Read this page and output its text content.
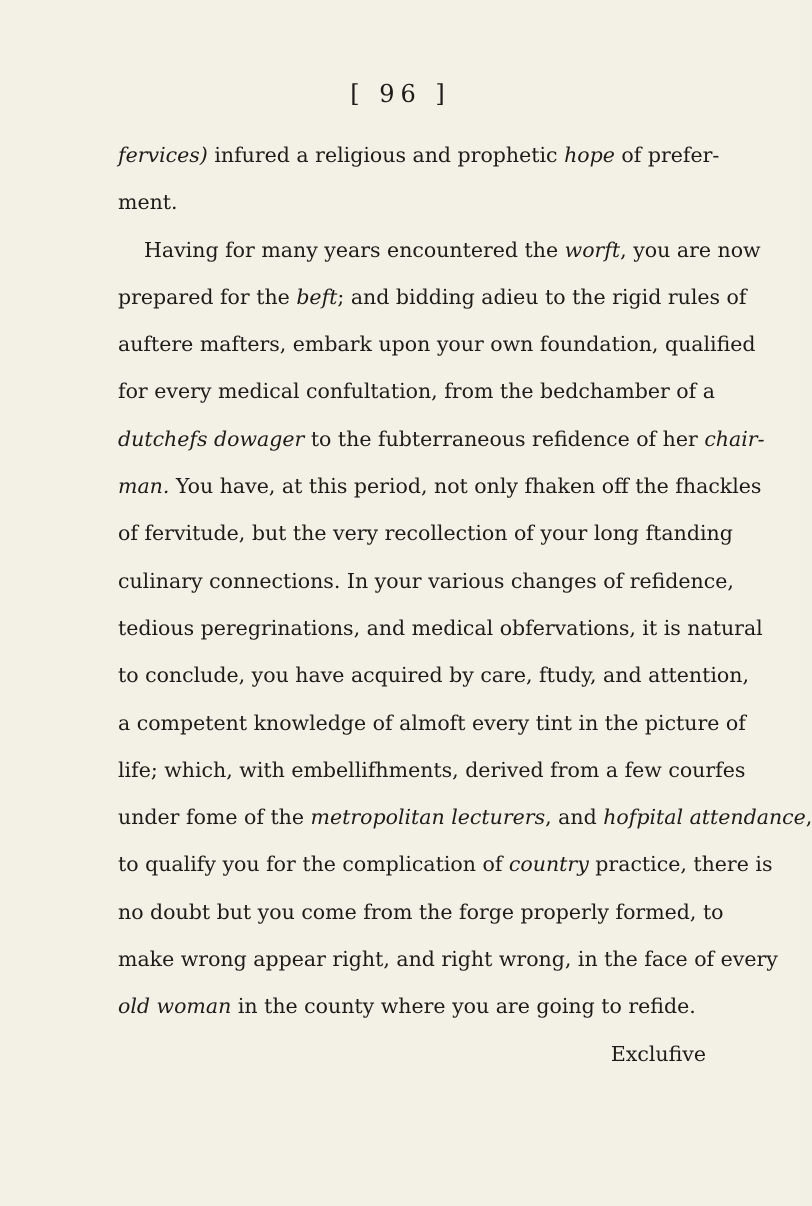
[ 96 ]
fervices) infured a religious and prophetic hope of prefer-
ment.
Having for many years encountered the worft, you are now
prepared for the beft; and bidding adieu to the rigid rules of
auftere mafters, embark upon your own foundation, qualified
for every medical confultation, from the bedchamber of a
dutchefs dowager to the fubterraneous refidence of her chair-
man. You have, at this period, not only fhaken off the fhackles
of fervitude, but the very recollection of your long ftanding
culinary connections. In your various changes of refidence,
tedious peregrinations, and medical obfervations, it is natural
to conclude, you have acquired by care, ftudy, and attention,
a competent knowledge of almoft every tint in the picture of
life; which, with embellifhments, derived from a few courfes
under fome of the metropolitan lecturers, and hofpital attendance,
to qualify you for the complication of country practice, there is
no doubt but you come from the forge properly formed, to
make wrong appear right, and right wrong, in the face of every
old woman in the county where you are going to refide.
Exclufive
